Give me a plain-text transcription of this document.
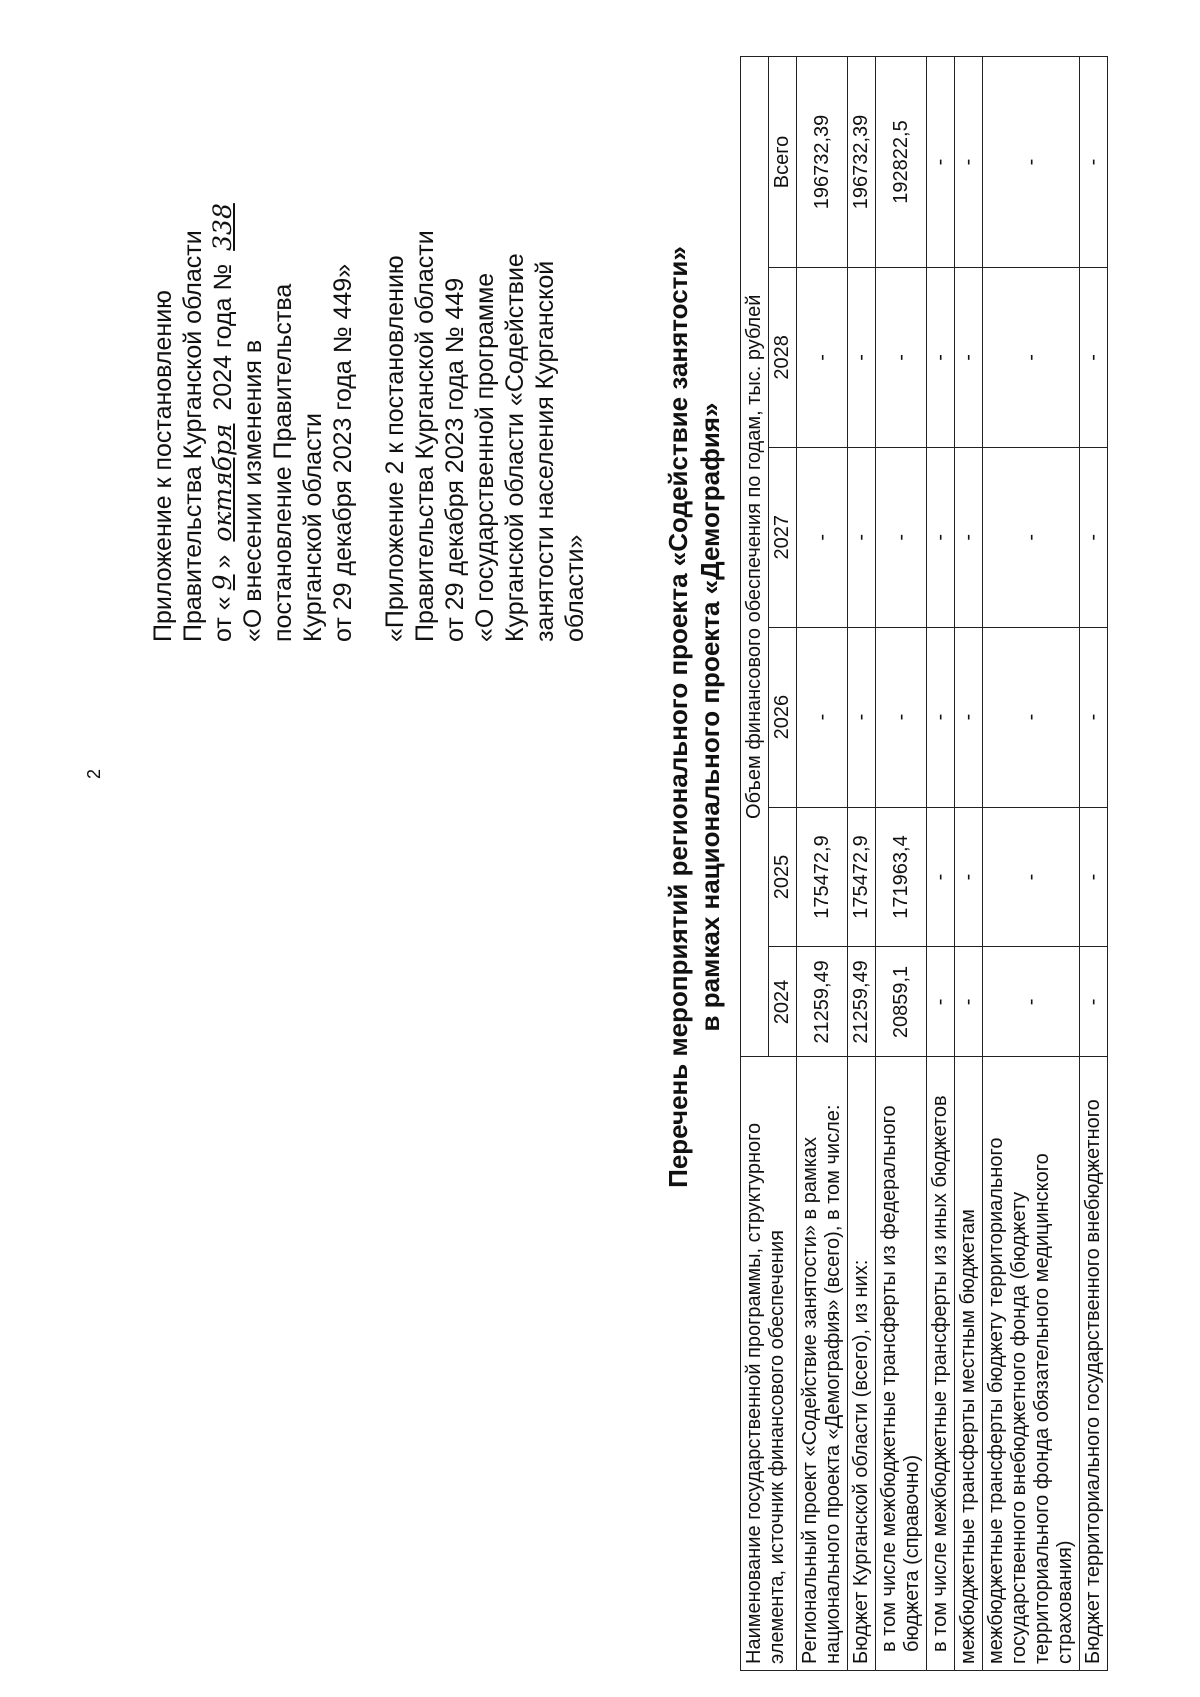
2

Приложение к постановлению Правительства Курганской области от «9» октября 2024 года № 338

«О внесении изменения в постановление Правительства Курганской области от 29 декабря 2023 года № 449» «Приложение 2 к постановлению Правительства Курганской области от 29 декабря 2023 года № 449 «О государственной программе Курганской области «Содействие занятости населения Курганской области»	Перечень мероприятий регионального проекта «Содействие занятости» в рамках национального проекта «Демография»
Наименование государственной программы, структурного элемента, источник финансового обеспечения	Объем финансового обеспечения по годам, тыс. рублей					
	2024	2025	2026	2027	2028	Всего
Региональный проект «Содействие занятости» в рамках национального проекта «Демография» (всего), в том числе:	21259,49	175472,9	-	-	-	196732,39
Бюджет Курганской области (всего), из них:	21259,49	175472,9	-	-	-	196732,39
в том числе межбюджетные трансферты из федерального бюджета (справочно)	20859,1	171963,4	-	-	-	192822,5
в том числе межбюджетные трансферты из иных бюджетов	-	-	-	-	-	-
межбюджетные трансферты местным бюджетам	-	-	-	-	-	-
межбюджетные трансферты бюджету территориального государственного внебюджетного фонда (бюджету территориального фонда обязательного медицинского страхования)	-	-	-	-	-	-
Бюджет территориального государственного внебюджетного	-	-	-	-	-	-
